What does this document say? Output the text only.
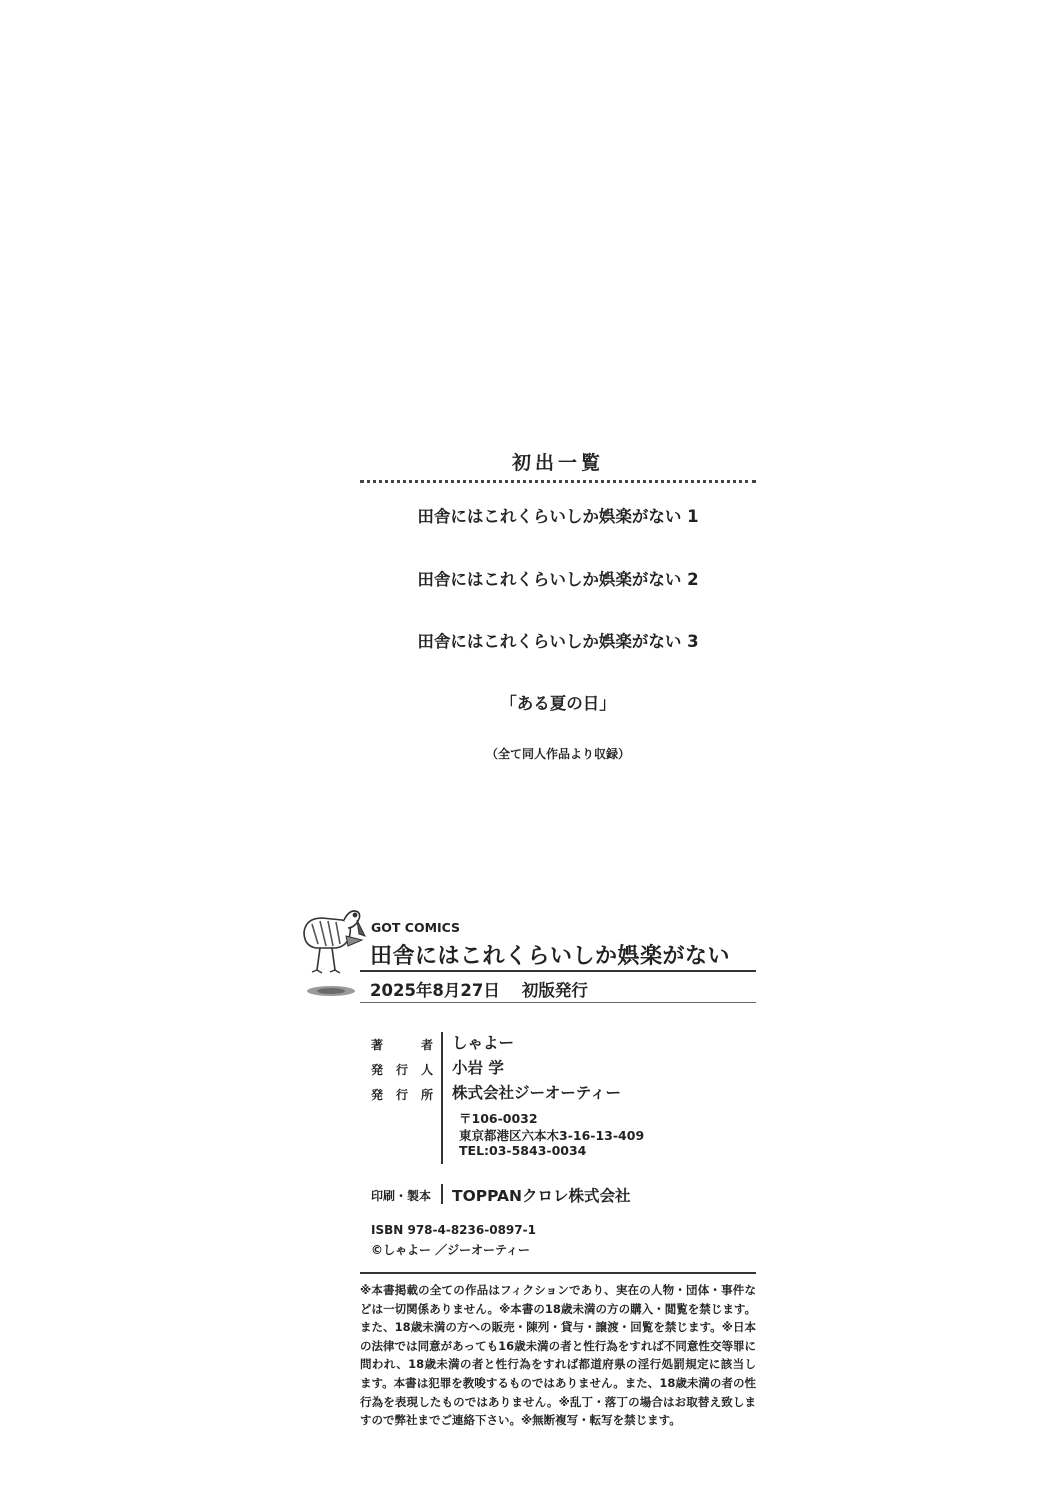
初出一覧
田舎にはこれくらいしか娯楽がない 1
田舎にはこれくらいしか娯楽がない 2
田舎にはこれくらいしか娯楽がない 3
「ある夏の日」
（全て同人作品より収録）
GOT COMICS
田舎にはこれくらいしか娯楽がない
2025年8月27日 初版発行
著	者 しゃよー
発 行 人 小岩 学
発 行 所 株式会社ジーオーティー
〒106-0032
東京都港区六本木3-16-13-409
TEL:03-5843-0034
印刷・製本 TOPPANクロレ株式会社
ISBN 978-4-8236-0897-1
©しゃよー ／ジーオーティー
※本書掲載の全ての作品はフィクションであり、実在の人物・団体・事件などは一切関係ありません。※本書の18歳未満の方の購入・閲覧を禁じます。また、18歳未満の方への販売・陳列・貸与・譲渡・回覧を禁じます。※日本の法律では同意があっても16歳未満の者と性行為をすれば不同意性交等罪に問われ、18歳未満の者と性行為をすれば都道府県の淫行処罰規定に該当します。本書は犯罪を教唆するものではありません。また、18歳未満の者の性行為を表現したものではありません。※乱丁・落丁の場合はお取替え致しますので弊社までご連絡下さい。※無断複写・転写を禁じます。
